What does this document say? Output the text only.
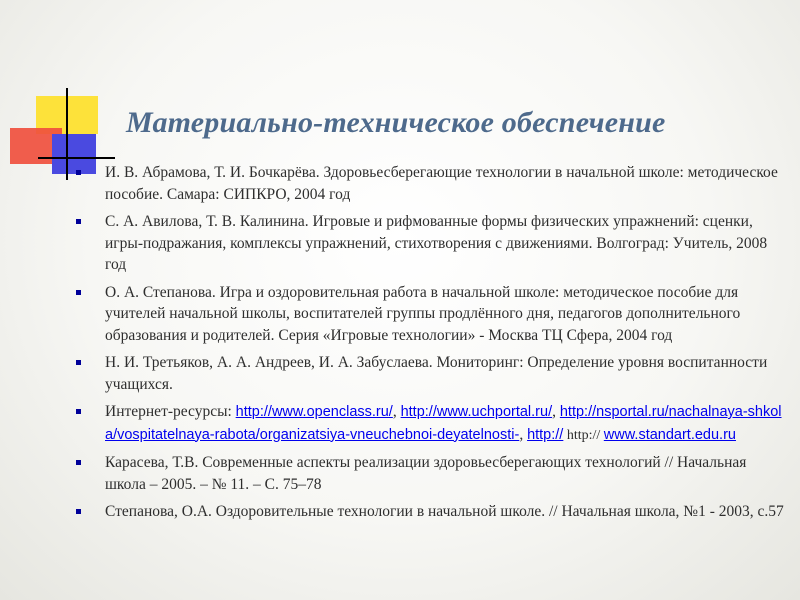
Материально-техническое обеспечение
И. В. Абрамова, Т. И. Бочкарёва. Здоровьесберегающие технологии в начальной школе: методическое пособие. Самара: СИПКРО, 2004 год
С. А. Авилова, Т. В. Калинина. Игровые и рифмованные формы физических упражнений: сценки, игры-подражания, комплексы упражнений, стихотворения с движениями. Волгоград: Учитель, 2008 год
О. А. Степанова. Игра и оздоровительная работа в начальной школе: методическое пособие для учителей начальной школы, воспитателей группы продлённого дня, педагогов дополнительного образования и родителей. Серия «Игровые технологии» - Москва ТЦ Сфера, 2004 год
Н. И. Третьяков, А. А. Андреев, И. А. Забуслаева. Мониторинг: Определение уровня воспитанности учащихся.
Интернет-ресурсы: http://www.openclass.ru/, http://www.uchportal.ru/, http://nsportal.ru/nachalnaya-shkola/vospitatelnaya-rabota/organizatsiya-vneuchebnoi-deyatelnosti-, http:// http:// www.standart.edu.ru
Карасева, Т.В. Современные аспекты реализации здоровьесберегающих технологий // Начальная школа – 2005. – № 11. – С. 75–78
Степанова, О.А. Оздоровительные технологии в начальной школе. // Начальная школа, №1 - 2003, с.57
